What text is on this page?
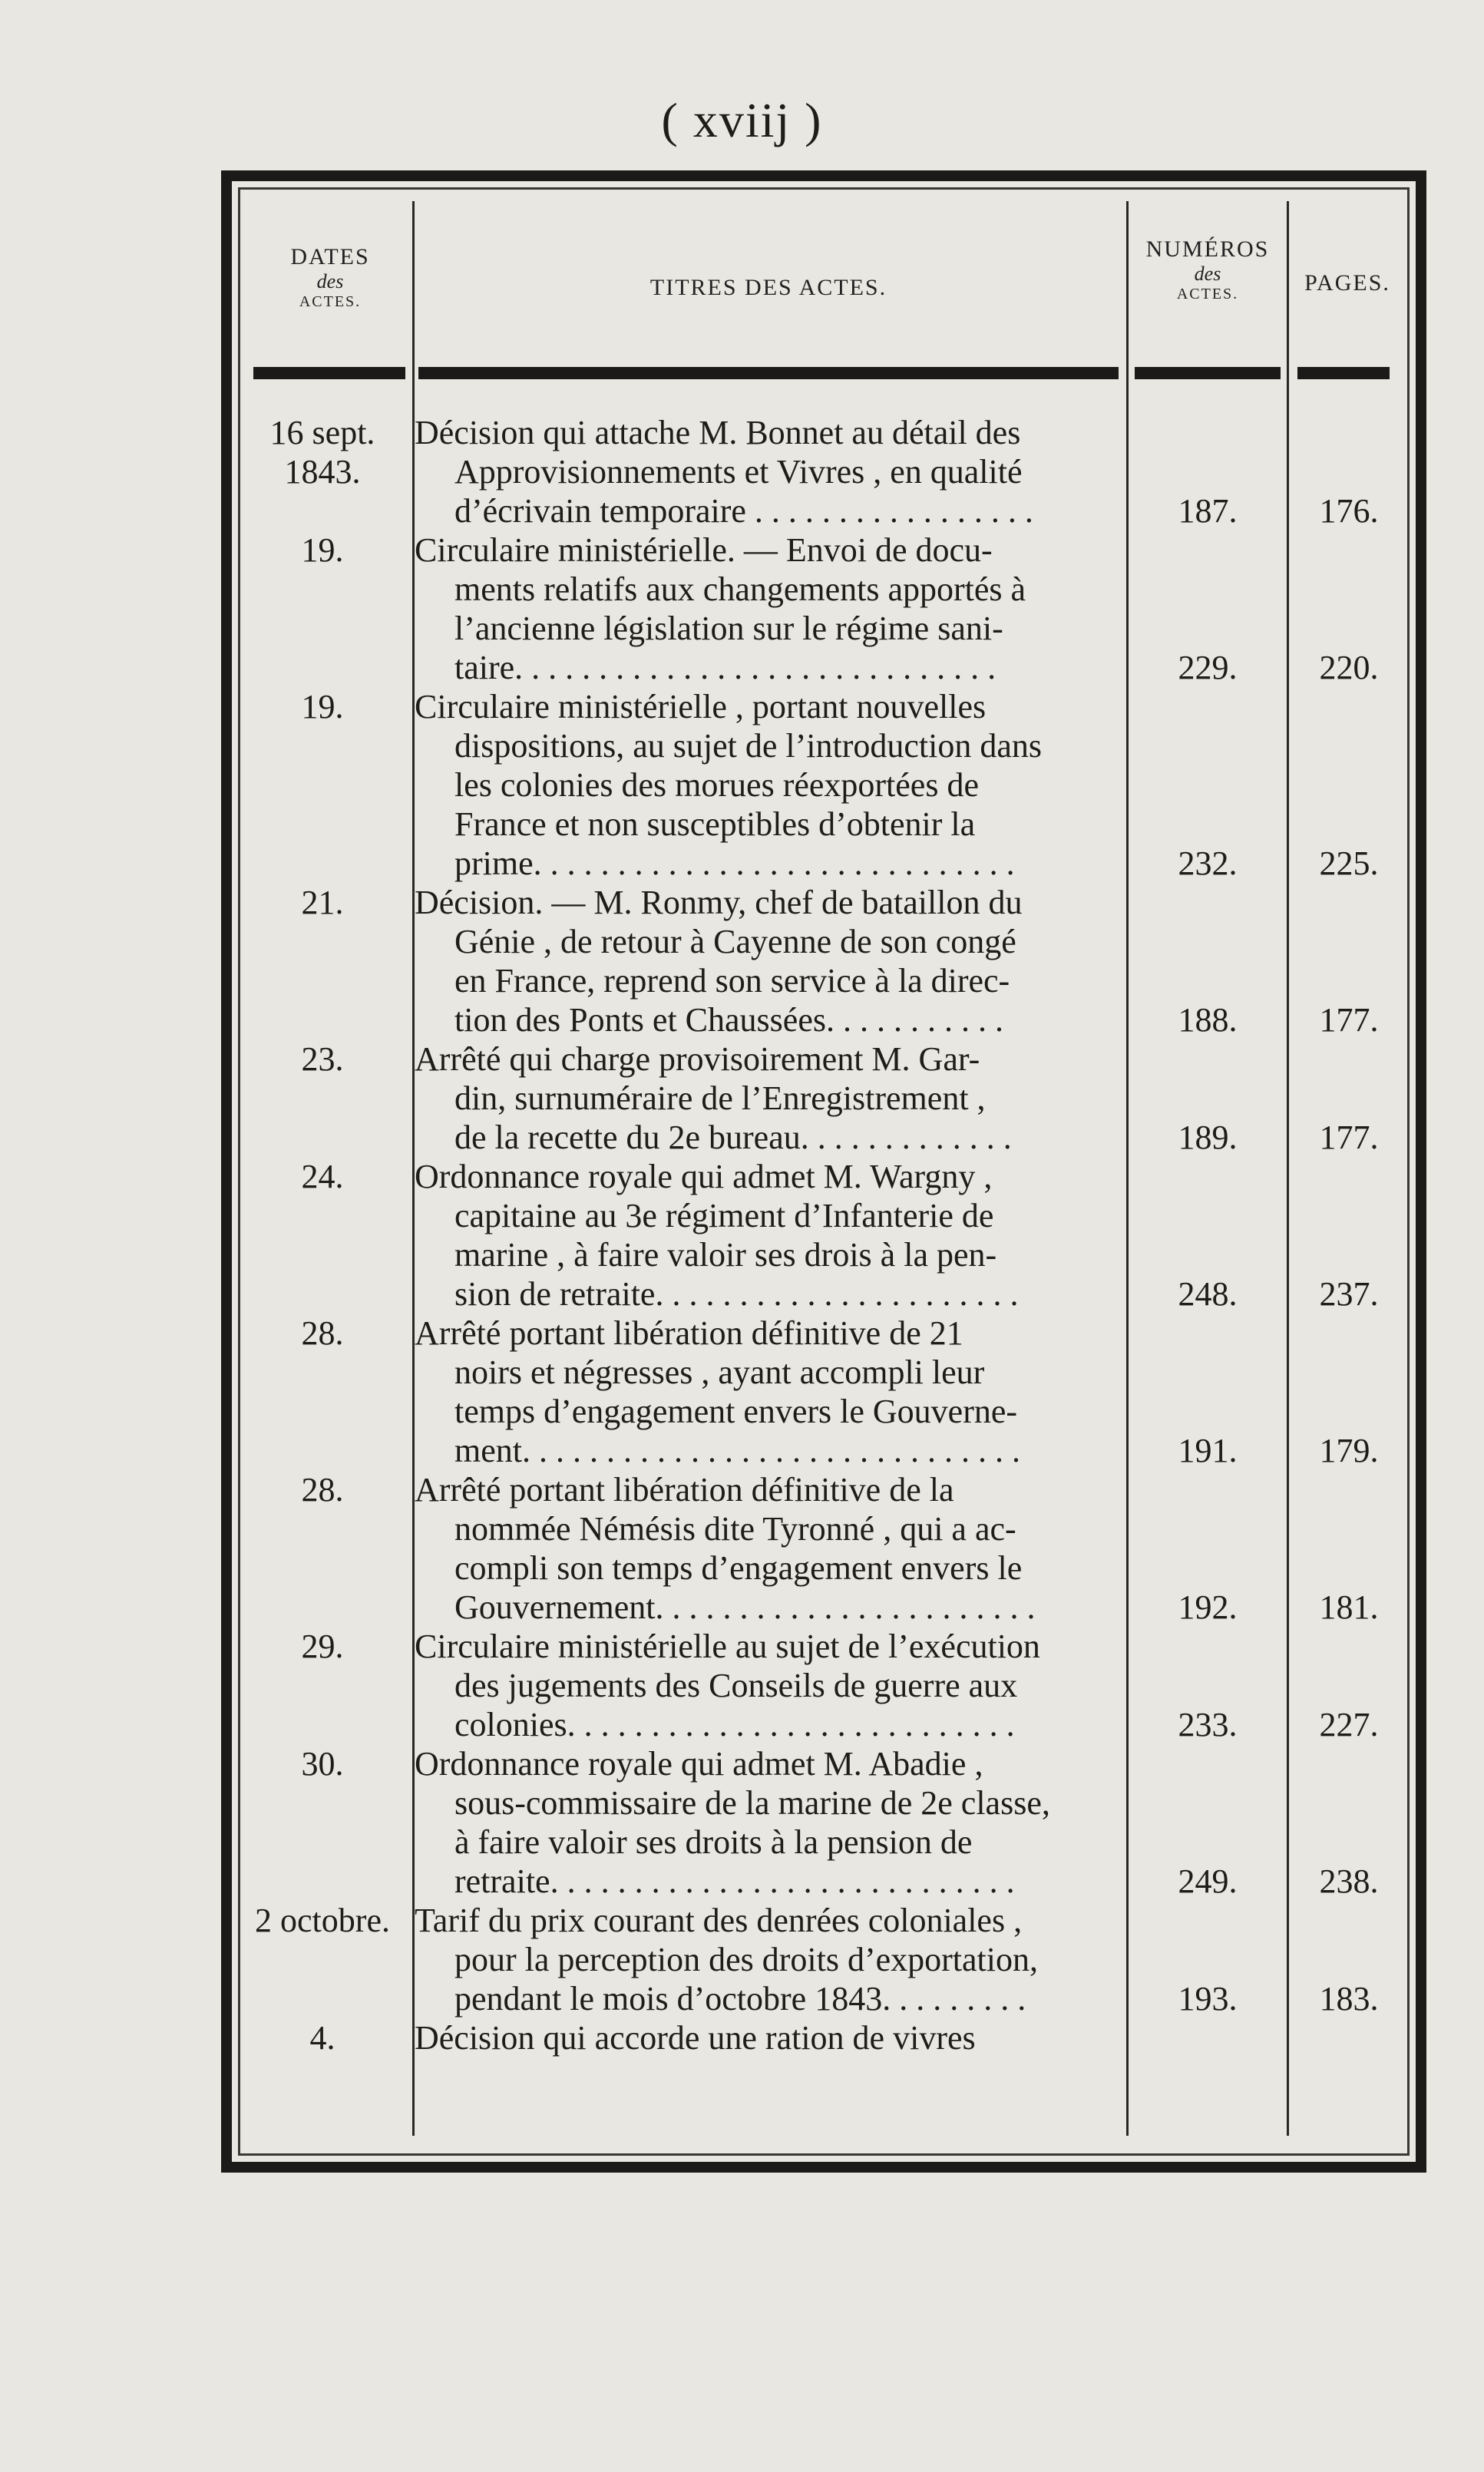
( xviij )
DATES
des
ACTES.
TITRES DES ACTES.
NUMÉROS
des
ACTES.	PAGES.
16 sept.
1843.
Décision qui attache M. Bonnet au détail des
Approvisionnements et Vivres , en qualité
d’écrivain temporaire . . . . . . . . . . . . . . . . .	187.	176.
19.	Circulaire ministérielle. — Envoi de docu-
ments relatifs aux changements apportés à
l’ancienne législation sur le régime sani-
taire. . . . . . . . . . . . . . . . . . . . . . . . . . . . .	229.	220.
19.	Circulaire ministérielle , portant nouvelles
dispositions, au sujet de l’introduction dans
les colonies des morues réexportées de
France et non susceptibles d’obtenir la
prime. . . . . . . . . . . . . . . . . . . . . . . . . . . . .	232.	225.
21.	Décision. — M. Ronmy, chef de bataillon du
Génie , de retour à Cayenne de son congé
en France, reprend son service à la direc-
tion des Ponts et Chaussées. . . . . . . . . . .	188.	177.
23.	Arrêté qui charge provisoirement M. Gar-
din, surnuméraire de l’Enregistrement ,
de la recette du 2e bureau. . . . . . . . . . . . .	189.	177.
24.	Ordonnance royale qui admet M. Wargny ,
capitaine au 3e régiment d’Infanterie de
marine , à faire valoir ses drois à la pen-
sion de retraite. . . . . . . . . . . . . . . . . . . . . .	248.	237.
28.	Arrêté portant libération définitive de 21
noirs et négresses , ayant accompli leur
temps d’engagement envers le Gouverne-
ment. . . . . . . . . . . . . . . . . . . . . . . . . . . . . .	191.	179.
28.	Arrêté portant libération définitive de la
nommée Némésis dite Tyronné , qui a ac-
compli son temps d’engagement envers le
Gouvernement. . . . . . . . . . . . . . . . . . . . . . .	192.	181.
29.	Circulaire ministérielle au sujet de l’exécution
des jugements des Conseils de guerre aux
colonies. . . . . . . . . . . . . . . . . . . . . . . . . . .	233.	227.
30.	Ordonnance royale qui admet M. Abadie ,
sous-commissaire de la marine de 2e classe,
à faire valoir ses droits à la pension de
retraite. . . . . . . . . . . . . . . . . . . . . . . . . . . .	249.	238.
2 octobre. Tarif du prix courant des denrées coloniales ,
pour la perception des droits d’exportation,
pendant le mois d’octobre 1843. . . . . . . . .	193.	183.
4.	Décision qui accorde une ration de vivres
